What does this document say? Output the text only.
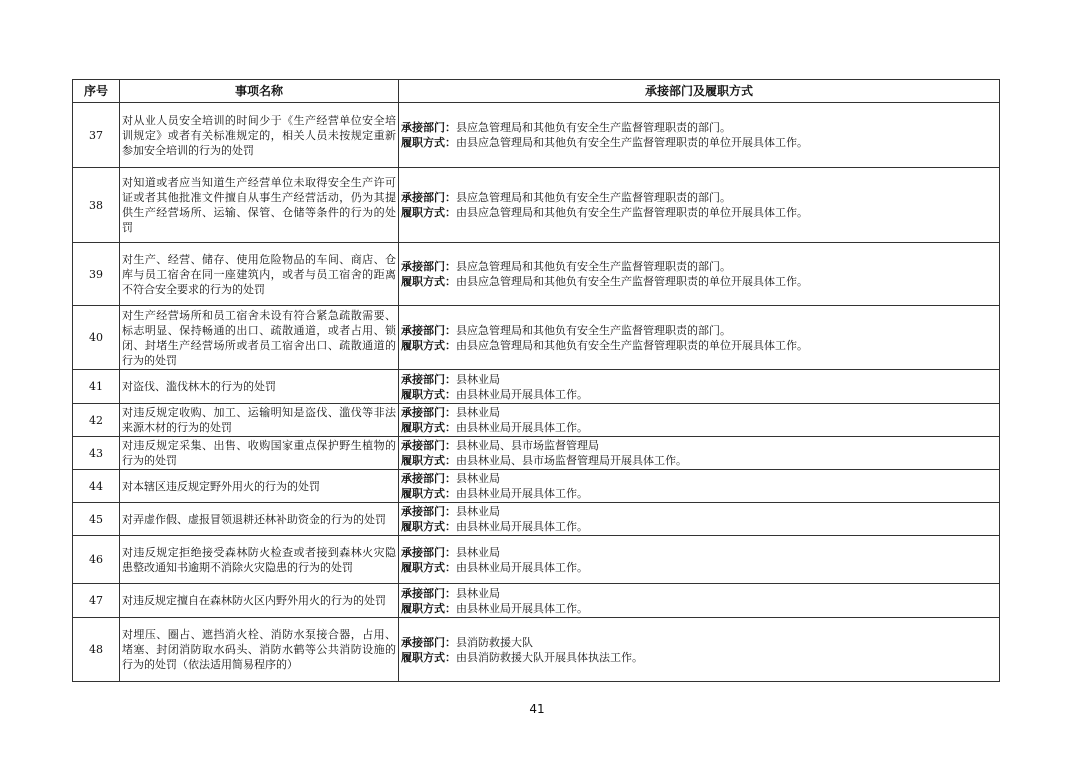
序号	事项名称	承接部门及履职方式
37	对从业人员安全培训的时间少于《生产经营单位安全培训规定》或者有关标准规定的，相关人员未按规定重新参加安全培训的行为的处罚	承接部门：县应急管理局和其他负有安全生产监督管理职责的部门。
履职方式：由县应急管理局和其他负有安全生产监督管理职责的单位开展具体工作。

38	对知道或者应当知道生产经营单位未取得安全生产许可证或者其他批准文件擅自从事生产经营活动，仍为其提供生产经营场所、运输、保管、仓储等条件的行为的处罚	承接部门：县应急管理局和其他负有安全生产监督管理职责的部门。
履职方式：由县应急管理局和其他负有安全生产监督管理职责的单位开展具体工作。

39	对生产、经营、储存、使用危险物品的车间、商店、仓库与员工宿舍在同一座建筑内，或者与员工宿舍的距离不符合安全要求的行为的处罚	承接部门：县应急管理局和其他负有安全生产监督管理职责的部门。
履职方式：由县应急管理局和其他负有安全生产监督管理职责的单位开展具体工作。

40	对生产经营场所和员工宿舍未设有符合紧急疏散需要、标志明显、保持畅通的出口、疏散通道，或者占用、锁闭、封堵生产经营场所或者员工宿舍出口、疏散通道的行为的处罚	承接部门：县应急管理局和其他负有安全生产监督管理职责的部门。
履职方式：由县应急管理局和其他负有安全生产监督管理职责的单位开展具体工作。

41	对盗伐、滥伐林木的行为的处罚	承接部门：县林业局
履职方式：由县林业局开展具体工作。

42	对违反规定收购、加工、运输明知是盗伐、滥伐等非法来源木材的行为的处罚	承接部门：县林业局
履职方式：由县林业局开展具体工作。

43	对违反规定采集、出售、收购国家重点保护野生植物的行为的处罚	承接部门：县林业局、县市场监督管理局
履职方式：由县林业局、县市场监督管理局开展具体工作。

44	对本辖区违反规定野外用火的行为的处罚	承接部门：县林业局
履职方式：由县林业局开展具体工作。

45	对弄虚作假、虚报冒领退耕还林补助资金的行为的处罚	承接部门：县林业局
履职方式：由县林业局开展具体工作。

46	对违反规定拒绝接受森林防火检查或者接到森林火灾隐患整改通知书逾期不消除火灾隐患的行为的处罚	承接部门：县林业局
履职方式：由县林业局开展具体工作。

47	对违反规定擅自在森林防火区内野外用火的行为的处罚	承接部门：县林业局
履职方式：由县林业局开展具体工作。

48	对埋压、圈占、遮挡消火栓、消防水泵接合器，占用、堵塞、封闭消防取水码头、消防水鹤等公共消防设施的行为的处罚（依法适用简易程序的）	承接部门：县消防救援大队
履职方式：由县消防救援大队开展具体执法工作。
41
